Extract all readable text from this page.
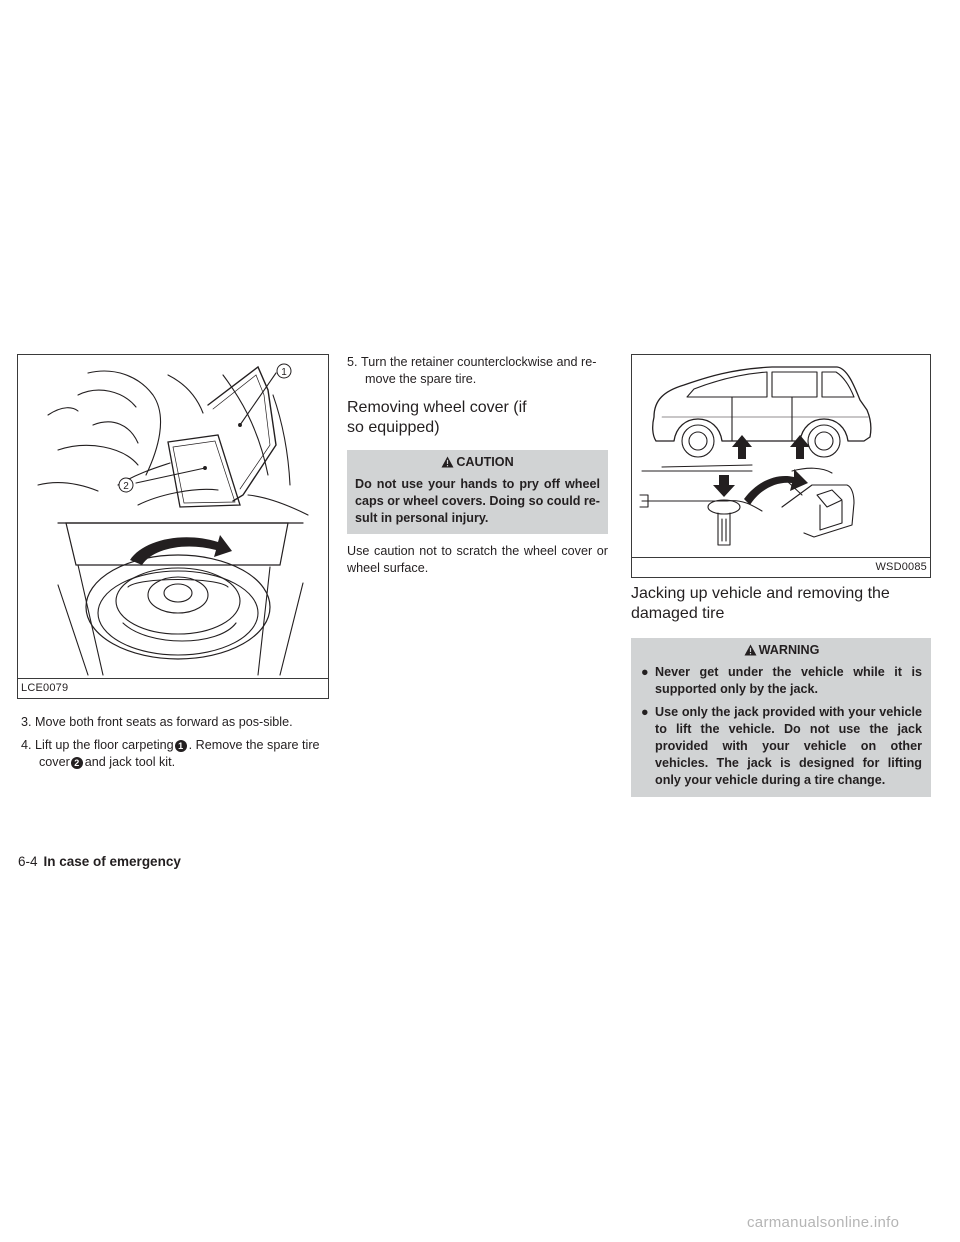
1
2
LCE0079

3. Move both front seats as forward as pos-sible.

4. Lift up the floor carpeting 1 . Remove the spare tire cover 2 and jack tool kit.

5. Turn the retainer counterclockwise and re-move the spare tire.

Removing wheel cover (if so equipped)
CAUTION
Do not use your hands to pry off wheel caps or wheel covers. Doing so could re-sult in personal injury.
Use caution not to scratch the wheel cover or wheel surface.	WSD0085
Jacking up vehicle and removing the damaged tire
WARNING
● Never get under the vehicle while it is supported only by the jack.
● Use only the jack provided with your vehicle to lift the vehicle. Do not use the jack provided with your vehicle on other vehicles. The jack is designed for lifting only your vehicle during a tire change.
6-4 In case of emergency
carmanualsonline.info
